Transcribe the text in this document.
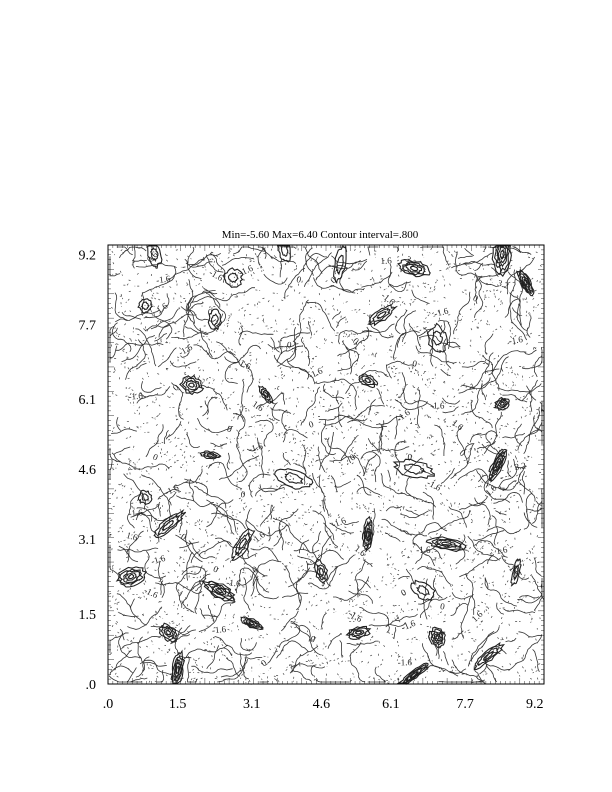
Min=-5.60 Max=6.40 Contour interval=.800
0.6
-1.6	-1.6 -1.6
0	0
1.6 3.2	1.6
3.2
1.6	0
-1.6
-1.6
0
-1.6	0	0	-1.6
-1.6
-1.6
0
0
-1.6
1.6
0
0
-1.6
-1.6
1.6
-1.6
0	0	0	0
3.2
-1.6
-1.6	0	1.6
-1.6
0
-1.6
1.6	1.6
-1.6
1.6
-1.6
0	0
-1.6
-1.6
1.6
-1.6	0
0
1.6
-1.6
-1.6
-1.6
0
0	-1.6
.0	1.5	3.1	4.6	6.1	7.7	9.2
.0
1.5
3.1
4.6
6.1
7.7
9.2
